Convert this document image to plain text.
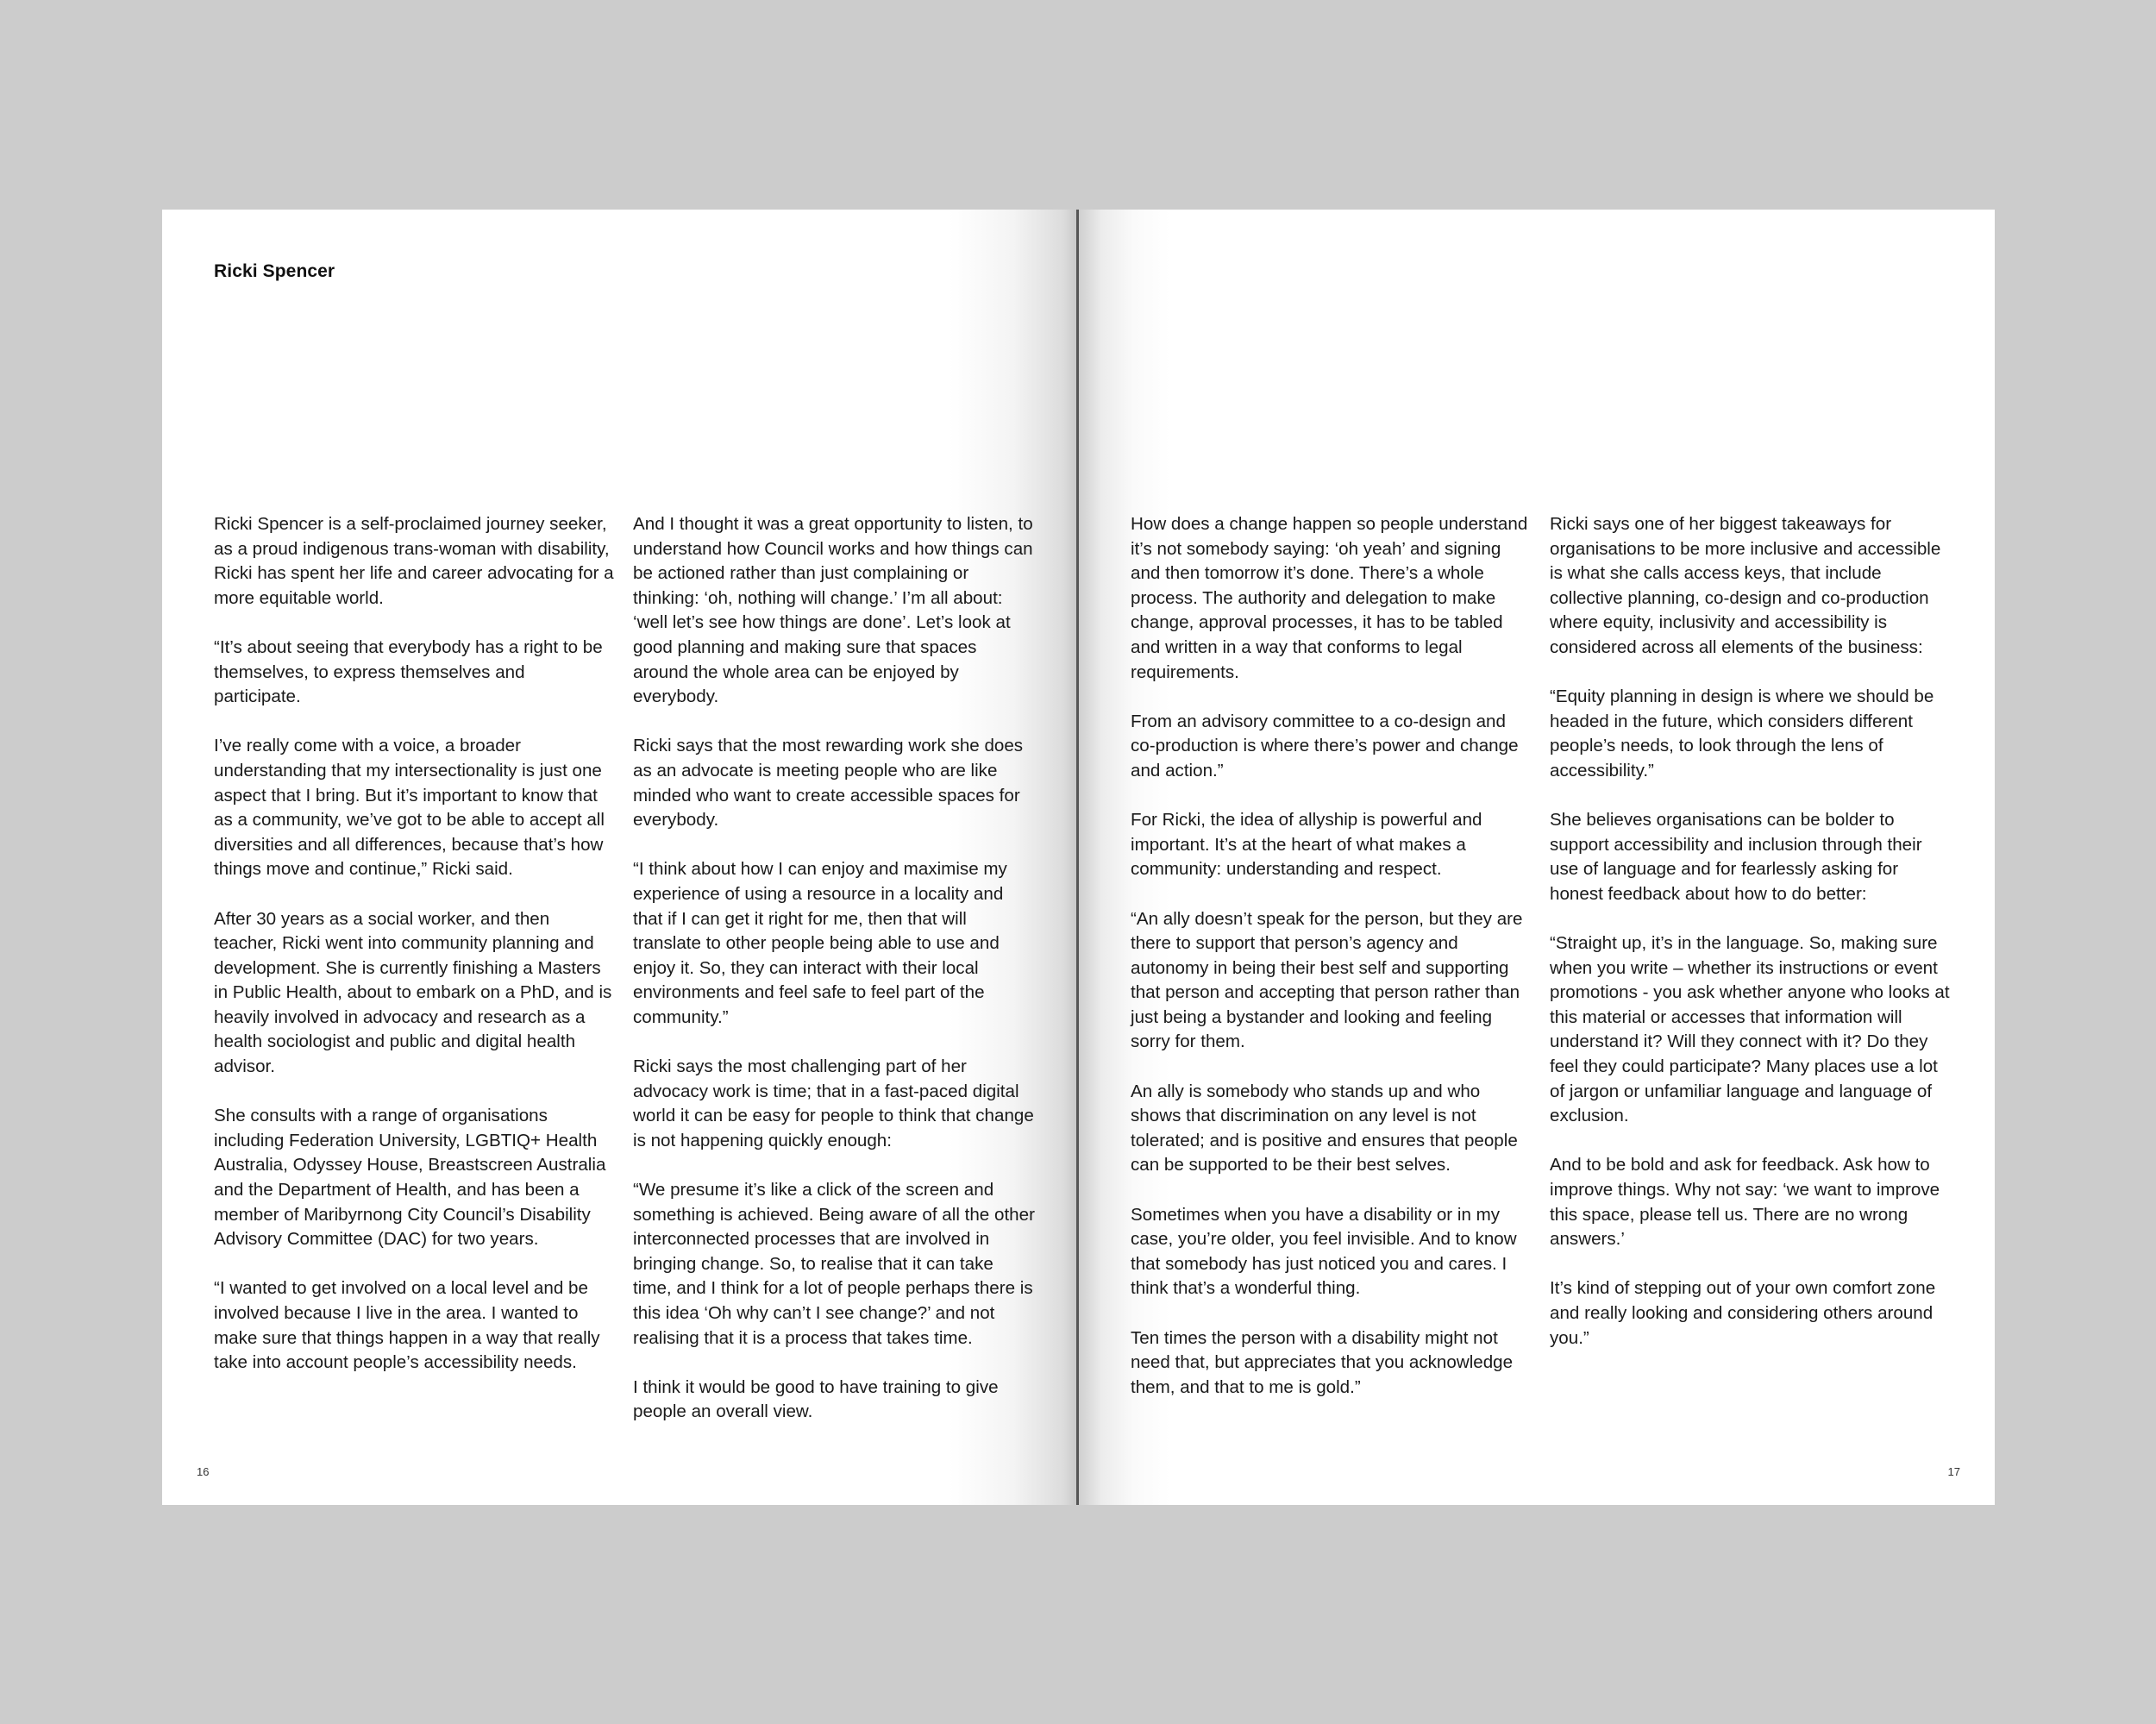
Ricki Spencer

Ricki Spencer is a self-proclaimed journey seeker, as a proud indigenous trans-woman with disability, Ricki has spent her life and career advocating for a more equitable world.

“It’s about seeing that everybody has a right to be themselves, to express themselves and participate.

I’ve really come with a voice, a broader understanding that my intersectionality is just one aspect that I bring. But it’s important to know that as a community, we’ve got to be able to accept all diversities and all differences, because that’s how things move and continue,” Ricki said.

After 30 years as a social worker, and then teacher, Ricki went into community planning and development. She is currently finishing a Masters in Public Health, about to embark on a PhD, and is heavily involved in advocacy and research as a health sociologist and public and digital health advisor.

She consults with a range of organisations including Federation University, LGBTIQ+ Health Australia, Odyssey House, Breastscreen Australia and the Department of Health, and has been a member of Maribyrnong City Council’s Disability Advisory Committee (DAC) for two years.

“I wanted to get involved on a local level and be involved because I live in the area. I wanted to make sure that things happen in a way that really take into account people’s accessibility needs.

And I thought it was a great opportunity to listen, to understand how Council works and how things can be actioned rather than just complaining or thinking: ‘oh, nothing will change.’ I’m all about: ‘well let’s see how things are done’. Let’s look at good planning and making sure that spaces around the whole area can be enjoyed by everybody.

Ricki says that the most rewarding work she does as an advocate is meeting people who are like minded who want to create accessible spaces for everybody.

“I think about how I can enjoy and maximise my experience of using a resource in a locality and that if I can get it right for me, then that will translate to other people being able to use and enjoy it. So, they can interact with their local environments and feel safe to feel part of the community.”

Ricki says the most challenging part of her advocacy work is time; that in a fast-paced digital world it can be easy for people to think that change is not happening quickly enough:

“We presume it’s like a click of the screen and something is achieved. Being aware of all the other interconnected processes that are involved in bringing change. So, to realise that it can take time, and I think for a lot of people perhaps there is this idea ‘Oh why can’t I see change?’ and not realising that it is a process that takes time.

I think it would be good to have training to give people an overall view.

16

How does a change happen so people understand it’s not somebody saying: ‘oh yeah’ and signing and then tomorrow it’s done. There’s a whole process. The authority and delegation to make change, approval processes, it has to be tabled and written in a way that conforms to legal requirements.

From an advisory committee to a co-design and co-production is where there’s power and change and action.”

For Ricki, the idea of allyship is powerful and important. It’s at the heart of what makes a community: understanding and respect.

“An ally doesn’t speak for the person, but they are there to support that person’s agency and autonomy in being their best self and supporting that person and accepting that person rather than just being a bystander and looking and feeling sorry for them.

An ally is somebody who stands up and who shows that discrimination on any level is not tolerated; and is positive and ensures that people can be supported to be their best selves.

Sometimes when you have a disability or in my case, you’re older, you feel invisible. And to know that somebody has just noticed you and cares. I think that’s a wonderful thing.

Ten times the person with a disability might not need that, but appreciates that you acknowledge them, and that to me is gold.”

Ricki says one of her biggest takeaways for organisations to be more inclusive and accessible is what she calls access keys, that include collective planning, co-design and co-production where equity, inclusivity and accessibility is considered across all elements of the business:

“Equity planning in design is where we should be headed in the future, which considers different people’s needs, to look through the lens of accessibility.”

She believes organisations can be bolder to support accessibility and inclusion through their use of language and for fearlessly asking for honest feedback about how to do better:

“Straight up, it’s in the language. So, making sure when you write – whether its instructions or event promotions - you ask whether anyone who looks at this material or accesses that information will understand it? Will they connect with it? Do they feel they could participate? Many places use a lot of jargon or unfamiliar language and language of exclusion.

And to be bold and ask for feedback. Ask how to improve things. Why not say: ‘we want to improve this space, please tell us. There are no wrong answers.’

It’s kind of stepping out of your own comfort zone and really looking and considering others around you.”

17
